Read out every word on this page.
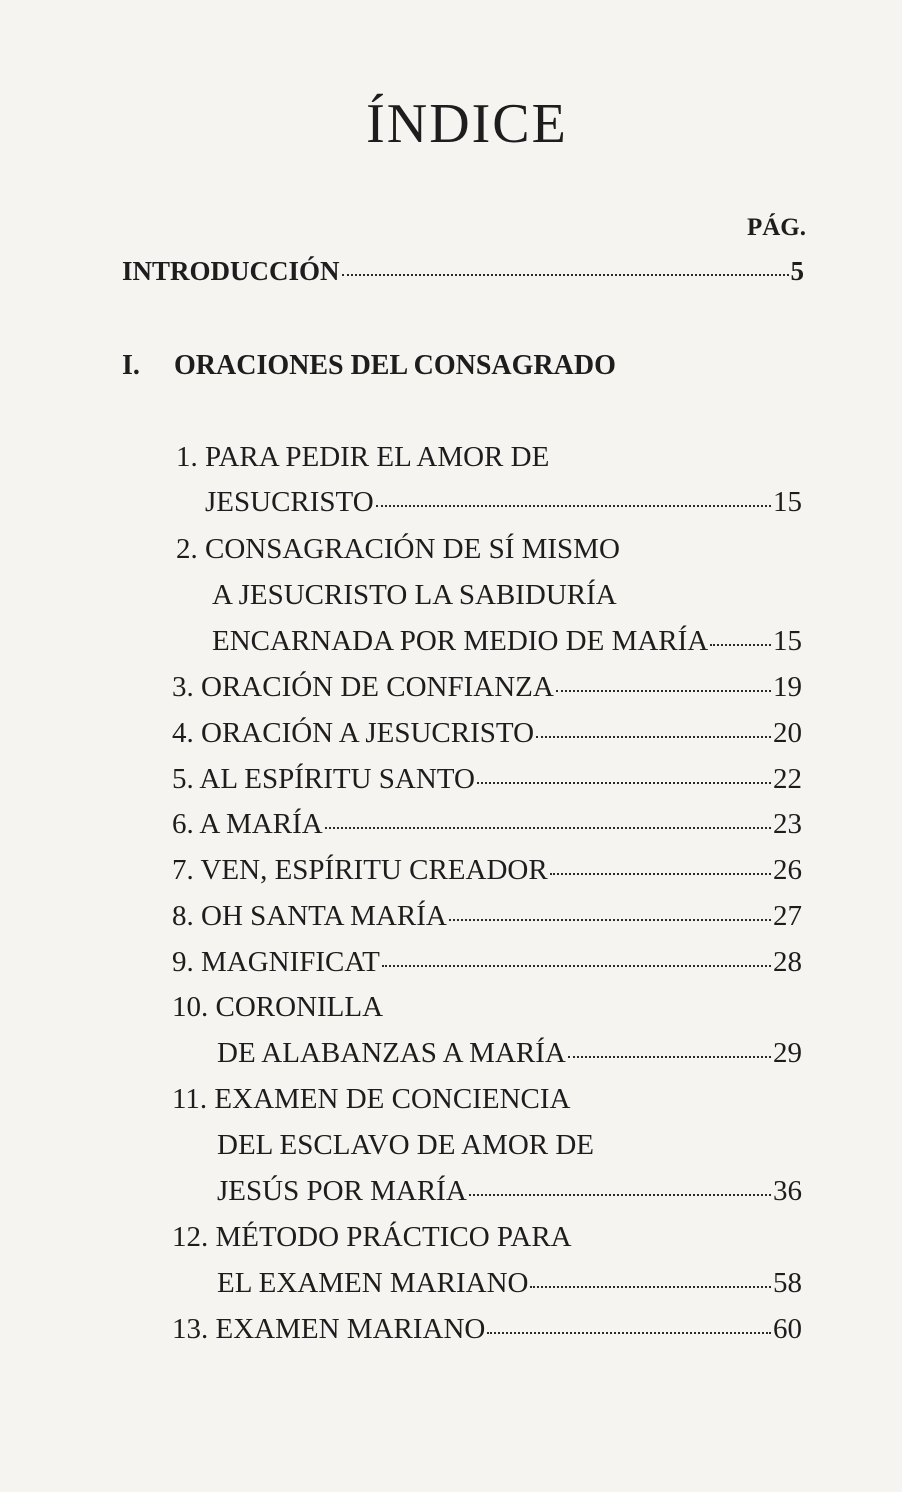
ÍNDICE
PÁG.
INTRODUCCIÓN	5
I. ORACIONES DEL CONSAGRADO
1. PARA PEDIR EL AMOR DE
JESUCRISTO	15
2. CONSAGRACIÓN DE SÍ MISMO
A JESUCRISTO LA SABIDURÍA
ENCARNADA POR MEDIO DE MARÍA 15
3. ORACIÓN DE CONFIANZA	19
4. ORACIÓN A JESUCRISTO	20
5. AL ESPÍRITU SANTO	22
6. A MARÍA	23
7. VEN, ESPÍRITU CREADOR	26
8. OH SANTA MARÍA	27
9. MAGNIFICAT	28
10. CORONILLA
DE ALABANZAS A MARÍA	29
11. EXAMEN DE CONCIENCIA
DEL ESCLAVO DE AMOR DE
JESÚS POR MARÍA	36
12. MÉTODO PRÁCTICO PARA
EL EXAMEN MARIANO	58
13. EXAMEN MARIANO	60
